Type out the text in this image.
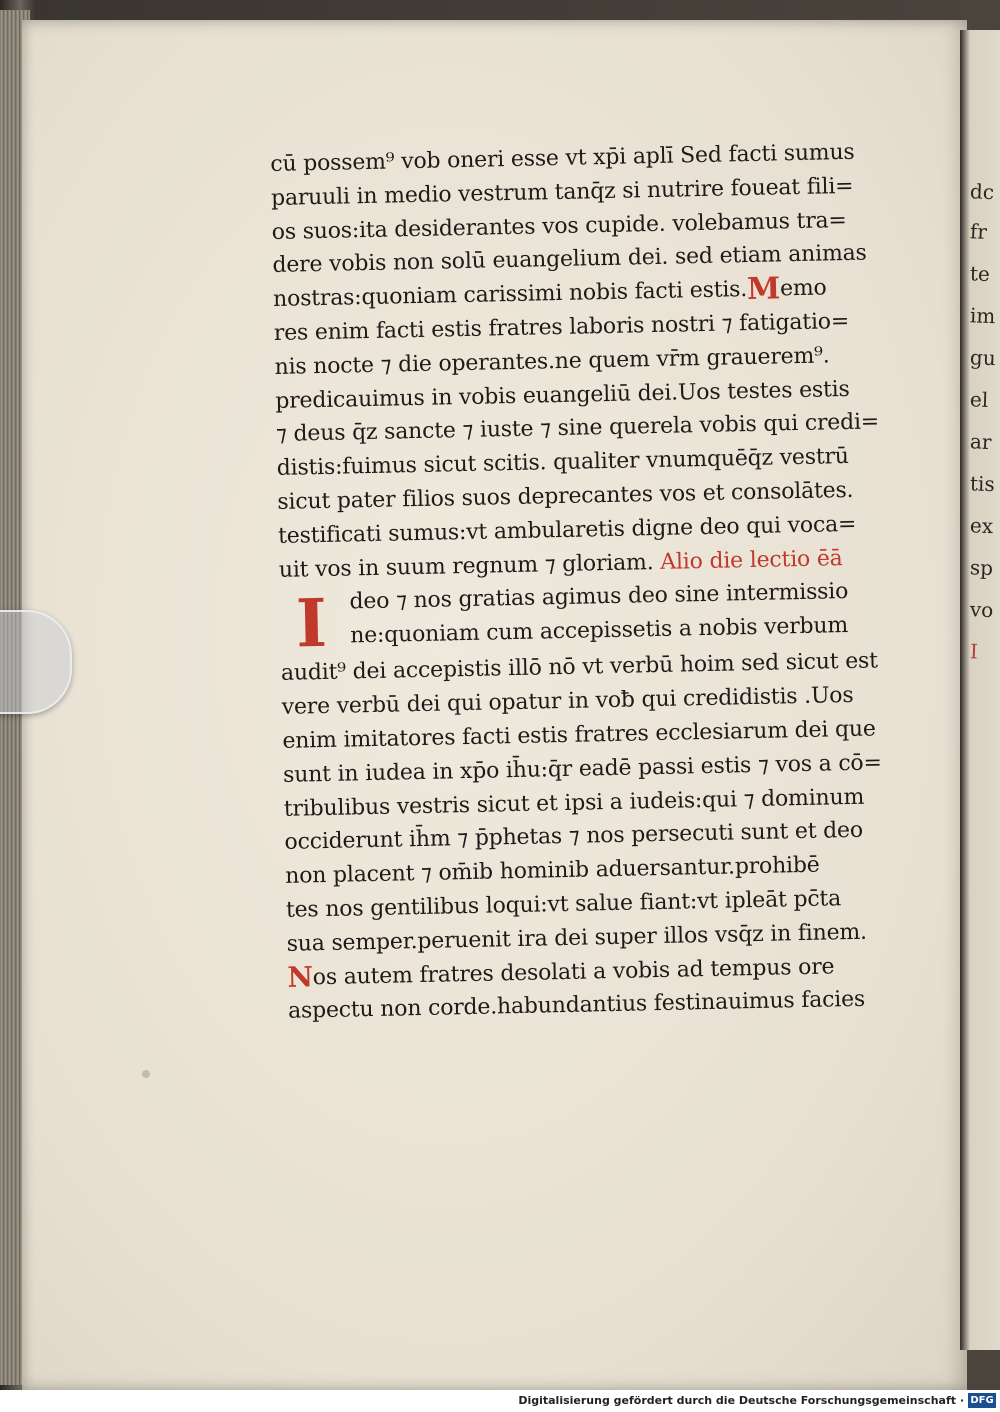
dc
fr
te
im
gu
el
ar
tis
ex
sp
vo
I
cū possem⁹ vob oneri esse vt xp̄i aplī Sed facti sumus
paruuli in medio vestrum tanq̄z si nutrire foueat fili=
os suos:ita desiderantes vos cupide. volebamus tra=
dere vobis non solū euangelium dei. sed etiam animas
nostras:quoniam carissimi nobis facti estis.Memo
res enim facti estis fratres laboris nostri ⁊ fatigatio=
nis nocte ⁊ die operantes.ne quem vr̄m grauerem⁹.
predicauimus in vobis euangeliū dei.Uos testes estis
⁊ deus q̄z sancte ⁊ iuste ⁊ sine querela vobis qui credi=
distis:fuimus sicut scitis. qualiter vnumquēq̄z vestrū
sicut pater filios suos deprecantes vos et consolātes.
testificati sumus:vt ambularetis digne deo qui voca=
uit vos in suum regnum ⁊ gloriam. Alio die lectio ēā
I deo ⁊ nos gratias agimus deo sine intermissio
ne:quoniam cum accepissetis a nobis verbum
audit⁹ dei accepistis illō nō vt verbū hoim sed sicut est
vere verbū dei qui opatur in voƀ qui credidistis .Uos
enim imitatores facti estis fratres ecclesiarum dei que
sunt in iudea in xp̄o ih̄u:q̄r eadē passi estis ⁊ vos a cō=
tribulibus vestris sicut et ipsi a iudeis:qui ⁊ dominum
occiderunt ih̄m ⁊ p̄phetas ⁊ nos persecuti sunt et deo
non placent ⁊ om̄ib hominib aduersantur.prohibē
tes nos gentilibus loqui:vt salue fiant:vt ipleāt pc̄ta
sua semper.peruenit ira dei super illos vsq̄z in finem.
Nos autem fratres desolati a vobis ad tempus ore
aspectu non corde.habundantius festinauimus facies
Digitalisierung gefördert durch die Deutsche Forschungsgemeinschaft · DFG
